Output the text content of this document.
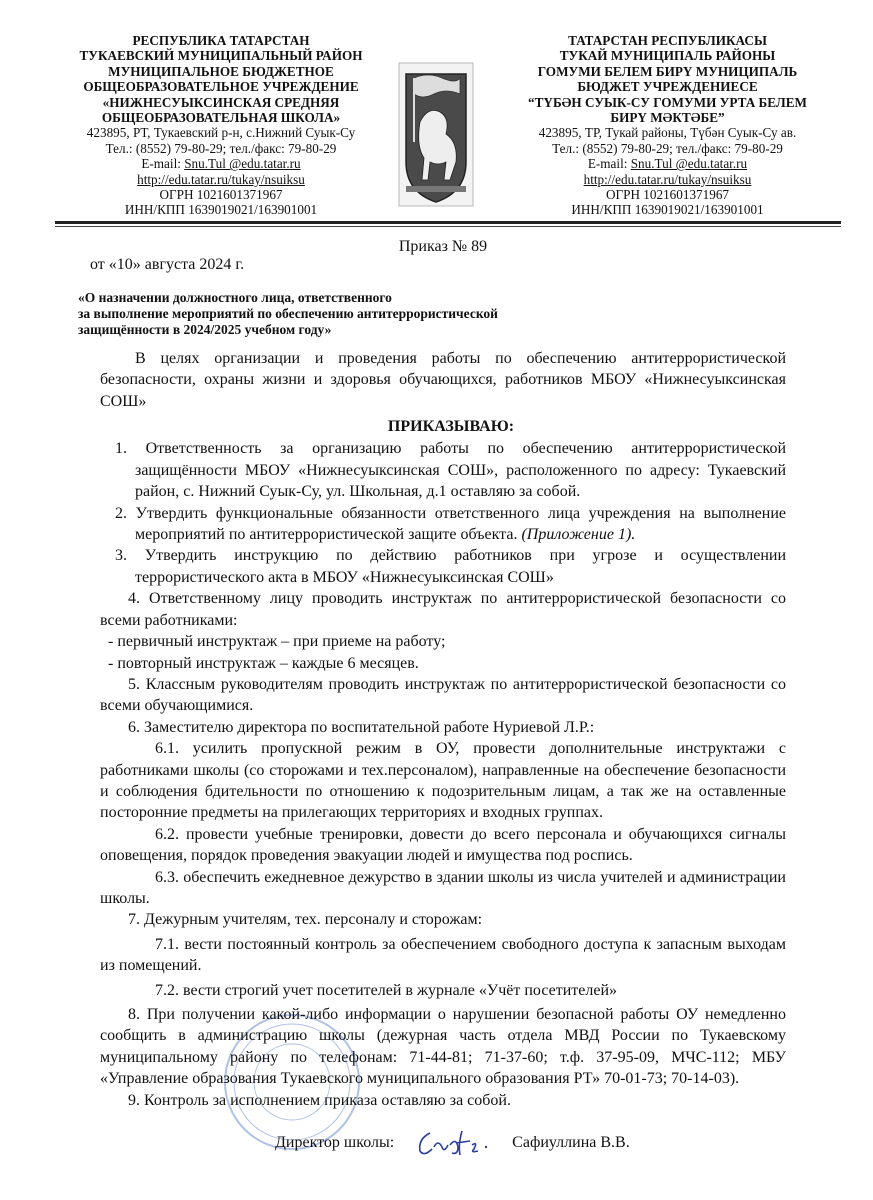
РЕСПУБЛИКА ТАТАРСТАН
ТУКАЕВСКИЙ МУНИЦИПАЛЬНЫЙ РАЙОН
МУНИЦИПАЛЬНОЕ БЮДЖЕТНОЕ
ОБЩЕОБРАЗОВАТЕЛЬНОЕ УЧРЕЖДЕНИЕ
«НИЖНЕСУЫКСИНСКАЯ СРЕДНЯЯ
ОБЩЕОБРАЗОВАТЕЛЬНАЯ ШКОЛА»
423895, РТ, Тукаевский р-н, с.Нижний Суык-Су
Тел.: (8552) 79-80-29; тел./факс: 79-80-29
E-mail: Snu.Tul @edu.tatar.ru
http://edu.tatar.ru/tukay/nsuiksu
ОГРН 1021601371967
ИНН/КПП 1639019021/163901001
ТАТАРСТАН РЕСПУБЛИКАСЫ
ТУКАЙ МУНИЦИПАЛЬ РАЙОНЫ
ГОМУМИ БЕЛЕМ БИРҮ МУНИЦИПАЛЬ
БЮДЖЕТ УЧРЕЖДЕНИЕСЕ
“ТҮБӘН СУЫК-СУ ГОМУМИ УРТА БЕЛЕМ
БИРҮ МӘКТӘБЕ”
423895, ТР, Тукай районы, Түбән Суык-Су ав.
Тел.: (8552) 79-80-29; тел./факс: 79-80-29
E-mail: Snu.Tul @edu.tatar.ru
http://edu.tatar.ru/tukay/nsuiksu
ОГРН 1021601371967
ИНН/КПП 1639019021/163901001

Приказ № 89

от «10» августа 2024 г.

«О назначении должностного лица, ответственного
за выполнение мероприятий по обеспечению антитеррористической
защищённости в 2024/2025 учебном году»

В целях организации и проведения работы по обеспечению антитеррористической безопасности, охраны жизни и здоровья обучающихся, работников МБОУ «Нижнесуыксинская СОШ»

ПРИКАЗЫВАЮ:

1. Ответственность за организацию работы по обеспечению антитеррористической защищённости МБОУ «Нижнесуыксинская СОШ», расположенного по адресу: Тукаевский район, с. Нижний Суык-Су, ул. Школьная, д.1 оставляю за собой.

2. Утвердить функциональные обязанности ответственного лица учреждения на выполнение мероприятий по антитеррористической защите объекта. (Приложение 1).

3. Утвердить инструкцию по действию работников при угрозе и осуществлении террористического акта в МБОУ «Нижнесуыксинская СОШ»

4. Ответственному лицу проводить инструктаж по антитеррористической безопасности со всеми работниками:

- первичный инструктаж – при приеме на работу;

- повторный инструктаж – каждые 6 месяцев.

5. Классным руководителям проводить инструктаж по антитеррористической безопасности со всеми обучающимися.

6. Заместителю директора по воспитательной работе Нуриевой Л.Р.:

6.1. усилить пропускной режим в ОУ, провести дополнительные инструктажи с работниками школы (со сторожами и тех.персоналом), направленные на обеспечение безопасности и соблюдения бдительности по отношению к подозрительным лицам, а так же на оставленные посторонние предметы на прилегающих территориях и входных группах.

6.2. провести учебные тренировки, довести до всего персонала и обучающихся сигналы оповещения, порядок проведения эвакуации людей и имущества под роспись.

6.3. обеспечить ежедневное дежурство в здании школы из числа учителей и администрации школы.

7. Дежурным учителям, тех. персоналу и сторожам:

7.1. вести постоянный контроль за обеспечением свободного доступа к запасным выходам из помещений.

7.2. вести строгий учет посетителей в журнале «Учёт посетителей»

8. При получении какой-либо информации о нарушении безопасной работы ОУ немедленно сообщить в администрацию школы (дежурная часть отдела МВД России по Тукаевскому муниципальному району по телефонам: 71-44-81; 71-37-60; т.ф. 37-95-09, МЧС-112; МБУ «Управление образования Тукаевского муниципального образования РТ» 70-01-73; 70-14-03).

9. Контроль за исполнением приказа оставляю за собой.

Директор школы:	Сафиуллина В.В.
